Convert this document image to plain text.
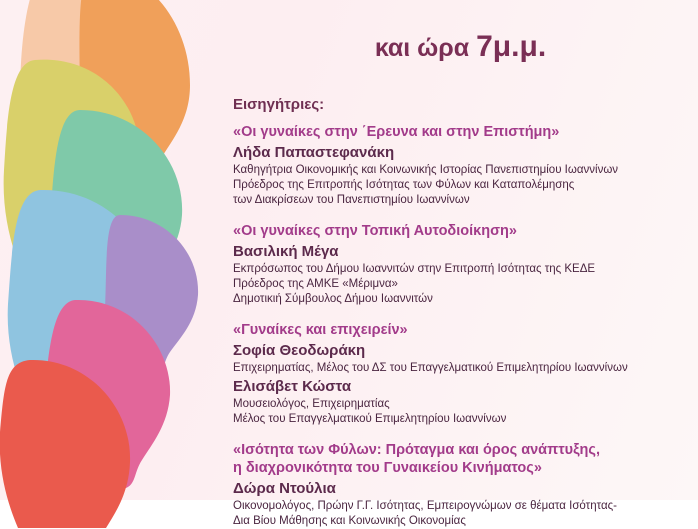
και ώρα 7μ.μ.
Εισηγήτριες:
«Οι γυναίκες στην ΄Ερευνα και στην Επιστήμη»
Λήδα Παπαστεφανάκη
Καθηγήτρια Οικονομικής και Κοινωνικής Ιστορίας Πανεπιστημίου Ιωαννίνων
Πρόεδρος της Επιτροπής Ισότητας των Φύλων και Καταπολέμησης
των Διακρίσεων του Πανεπιστημίου Ιωαννίνων
«Οι γυναίκες στην Τοπική Αυτοδιοίκηση»
Βασιλική Μέγα
Εκπρόσωπος του Δήμου Ιωαννιτών στην Επιτροπή Ισότητας της ΚΕΔΕ
Πρόεδρος της ΑΜΚΕ «Μέριμνα»
Δημοτικιή Σύμβουλος Δήμου Ιωαννιτών
«Γυναίκες και επιχειρείν»
Σοφία Θεοδωράκη
Επιχειρηματίας, Μέλος του ΔΣ του Επαγγελματικού Επιμελητηρίου Ιωαννίνων
Ελισάβετ Κώστα
Μουσειολόγος, Επιχειρηματίας
Μέλος του Επαγγελματικού Επιμελητηρίου Ιωαννίνων
«Ισότητα των Φύλων: Πρόταγμα και όρος ανάπτυξης,
η διαχρονικότητα του Γυναικείου Κινήματος»
Δώρα Ντούλια
Οικονομολόγος, Πρώην Γ.Γ. Ισότητας, Εμπειρογνώμων σε θέματα Ισότητας-
Δια Βίου Μάθησης και Κοινωνικής Οικονομίας
